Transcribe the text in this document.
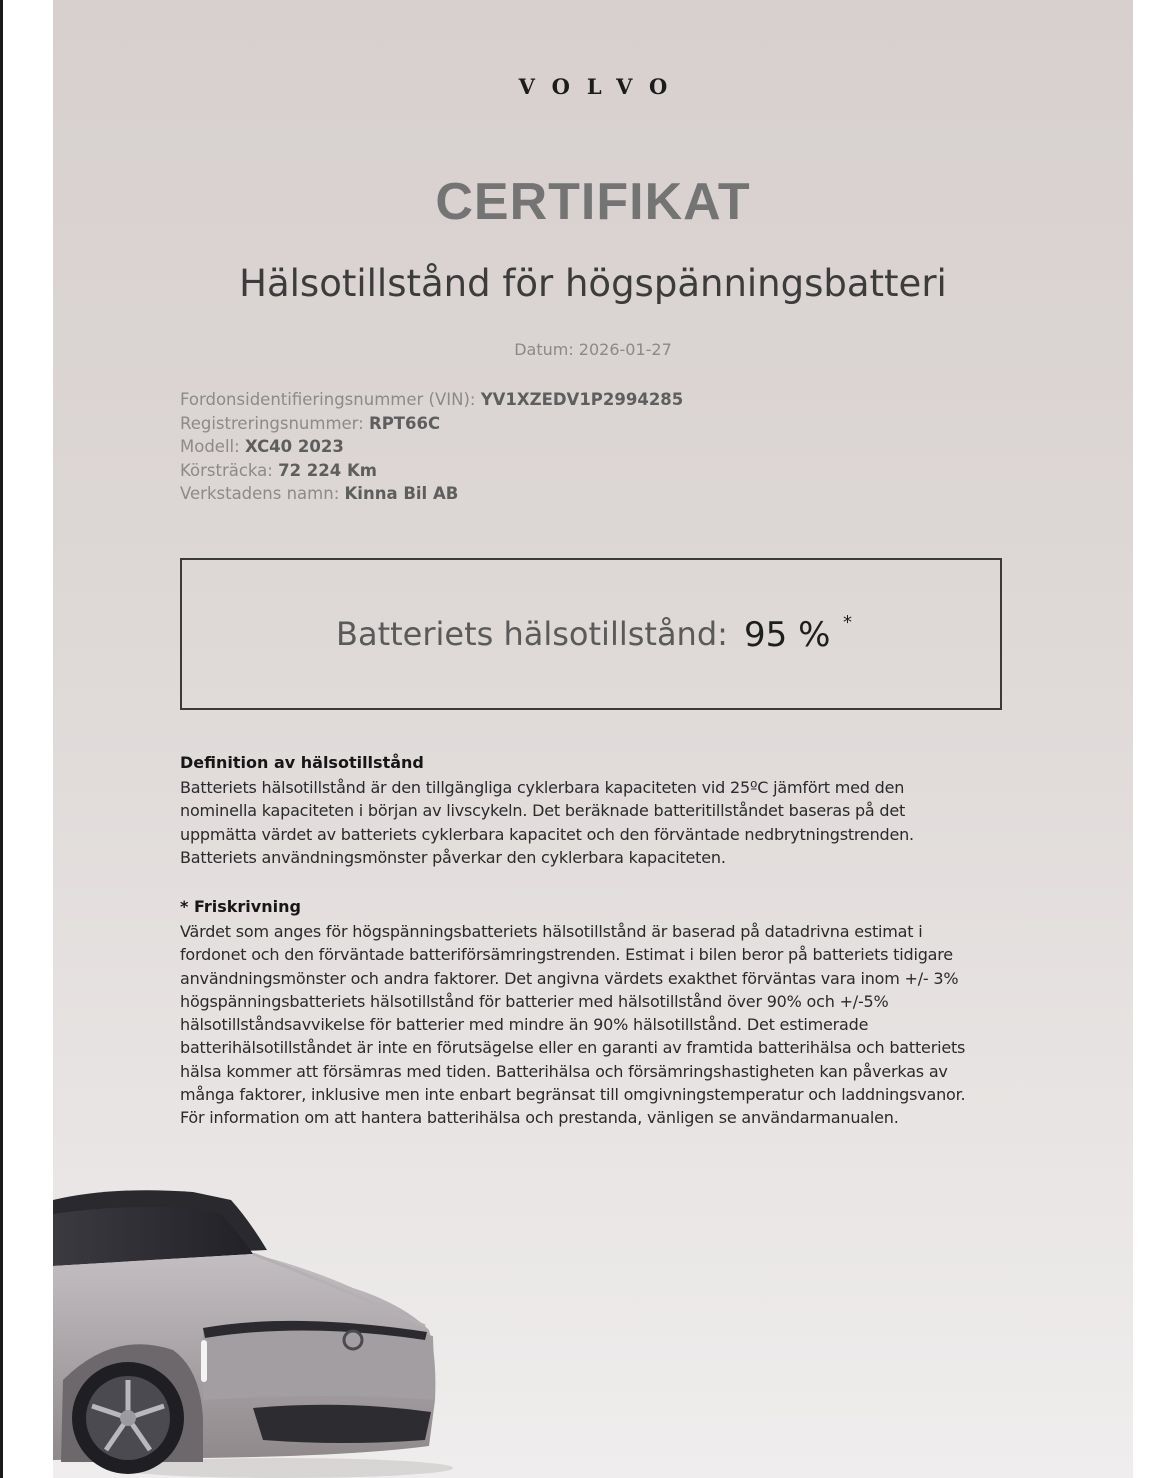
VOLVO
CERTIFIKAT
Hälsotillstånd för högspänningsbatteri
Datum: 2026-01-27
Fordonsidentifieringsnummer (VIN): YV1XZEDV1P2994285
Registreringsnummer: RPT66C
Modell: XC40 2023
Körsträcka: 72 224 Km
Verkstadens namn: Kinna Bil AB
Batteriets hälsotillstånd: 95 % *
Definition av hälsotillstånd

Batteriets hälsotillstånd är den tillgängliga cyklerbara kapaciteten vid 25ºC jämfört med den
nominella kapaciteten i början av livscykeln. Det beräknade batteritillståndet baseras på det
uppmätta värdet av batteriets cyklerbara kapacitet och den förväntade nedbrytningstrenden.
Batteriets användningsmönster påverkar den cyklerbara kapaciteten.

* Friskrivning

Värdet som anges för högspänningsbatteriets hälsotillstånd är baserad på datadrivna estimat i
fordonet och den förväntade batteriförsämringstrenden. Estimat i bilen beror på batteriets tidigare
användningsmönster och andra faktorer. Det angivna värdets exakthet förväntas vara inom +/- 3%
högspänningsbatteriets hälsotillstånd för batterier med hälsotillstånd över 90% och +/-5%
hälsotillståndsavvikelse för batterier med mindre än 90% hälsotillstånd. Det estimerade
batterihälsotillståndet är inte en förutsägelse eller en garanti av framtida batterihälsa och batteriets
hälsa kommer att försämras med tiden. Batterihälsa och försämringshastigheten kan påverkas av
många faktorer, inklusive men inte enbart begränsat till omgivningstemperatur och laddningsvanor.
För information om att hantera batterihälsa och prestanda, vänligen se användarmanualen.
